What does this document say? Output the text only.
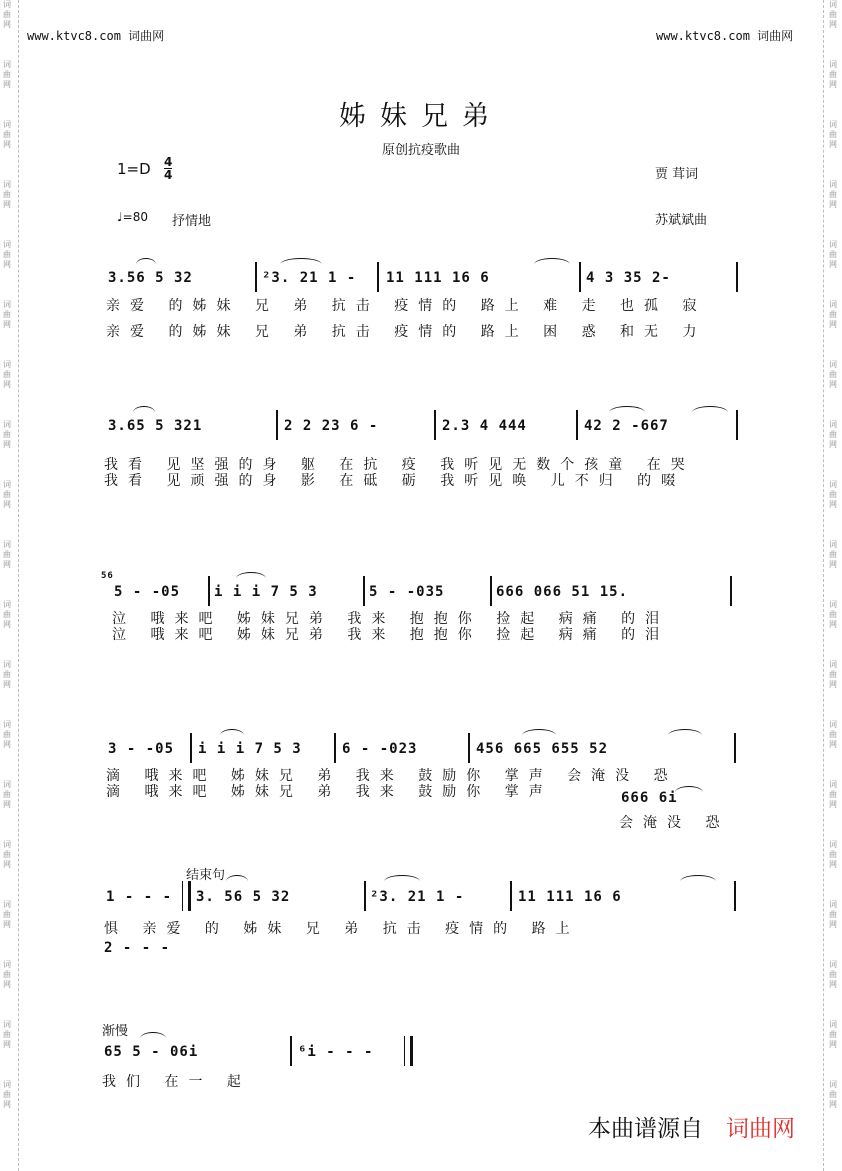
词
曲
网
词
曲
网
词
曲
网
词
曲
网
词
曲
网
词
曲
网
词
曲
网
词
曲
网
词
曲
网
词
曲
网
词
曲
网
词
曲
网
词
曲
网
词
曲
网
词
曲
网
词
曲
网
词
曲
网
词
曲
网
词
曲
网
词
曲
网
词
曲
网
词
曲
网
词
曲
网
词
曲
网
词
曲
网
词
曲
网
词
曲
网
词
曲
网
词
曲
网
词
曲
网
词
曲
网
词
曲
网
词
曲
网
词
曲
网
词
曲
网
词
曲
网
词
曲
网
词
曲
网
www.ktvc8.com 词曲网	www.ktvc8.com 词曲网
姊妹兄弟
原创抗疫歌曲
1=D 4
4	贾 茸词
♩=80 抒情地	苏斌斌曲
3.56 5 32	²3. 21 1 - 11 111 16 6	4 3 35 2-
亲爱 的姊妹 兄 弟 抗击 疫情的 路上 难 走 也孤 寂
亲爱 的姊妹 兄 弟 抗击 疫情的 路上 困 惑 和无 力
3.65 5 321	2 2 23 6 -	2.3 4 444	42 2 -667
我看 见坚强的身 躯 在抗 疫 我听见无数个孩童 在哭
我看 见顽强的身 影 在砥 砺 我听见唤 儿不归 的啜
56
5 - -05 i i i 7 5 3	5 - -035	666 066 51 15.
泣 哦来吧 姊妹兄弟 我来 抱抱你 捡起 病痛 的泪
泣 哦来吧 姊妹兄弟 我来 抱抱你 捡起 病痛 的泪
3 - -05 i i i 7 5 3	6 - -023	456 665 655 52
滴 哦来吧 姊妹兄 弟 我来 鼓励你 掌声 会淹没 恐
滴 哦来吧 姊妹兄 弟 我来 鼓励你 掌声	666 6i
会淹没 恐
结束句
1 - - - 3. 56 5 32	²3. 21 1 -	11 111 16 6
惧 亲爱 的 姊妹 兄 弟 抗击 疫情的 路上
2 - - -
渐慢
65 5 - 06i	⁶i - - -
我们 在一 起
本曲谱源自 词曲网
